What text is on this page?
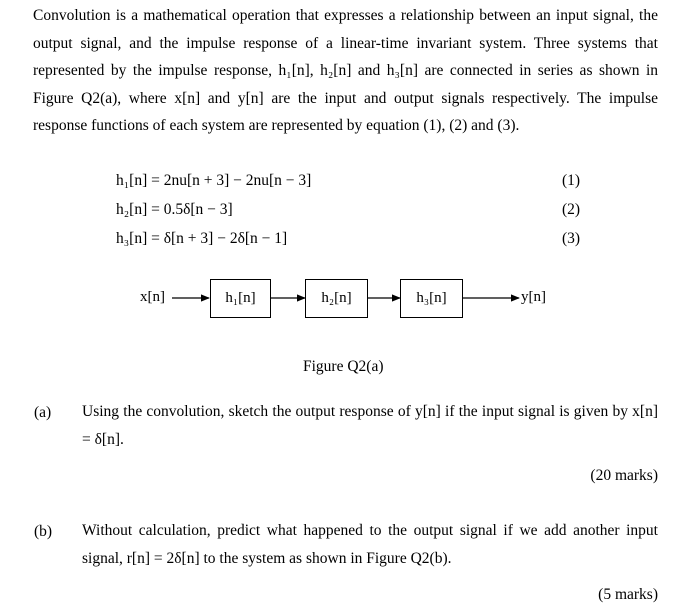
Convolution is a mathematical operation that expresses a relationship between an input signal, the output signal, and the impulse response of a linear-time invariant system. Three systems that represented by the impulse response, h₁[n], h₂[n] and h₃[n] are connected in series as shown in Figure Q2(a), where x[n] and y[n] are the input and output signals respectively. The impulse response functions of each system are represented by equation (1), (2) and (3).

h₁[n] = 2nu[n + 3] − 2nu[n − 3]	(1)
h₂[n] = 0.5δ[n − 3]	(2)
h₃[n] = δ[n + 3] − 2δ[n − 1]	(3)
x[n]	h₁[n]	h₂[n]	h₃[n]	y[n]
Figure Q2(a)
(a) Using the convolution, sketch the output response of y[n] if the input signal is given by x[n] = δ[n].
(20 marks)
(b) Without calculation, predict what happened to the output signal if we add another input signal, r[n] = 2δ[n] to the system as shown in Figure Q2(b).
(5 marks)
